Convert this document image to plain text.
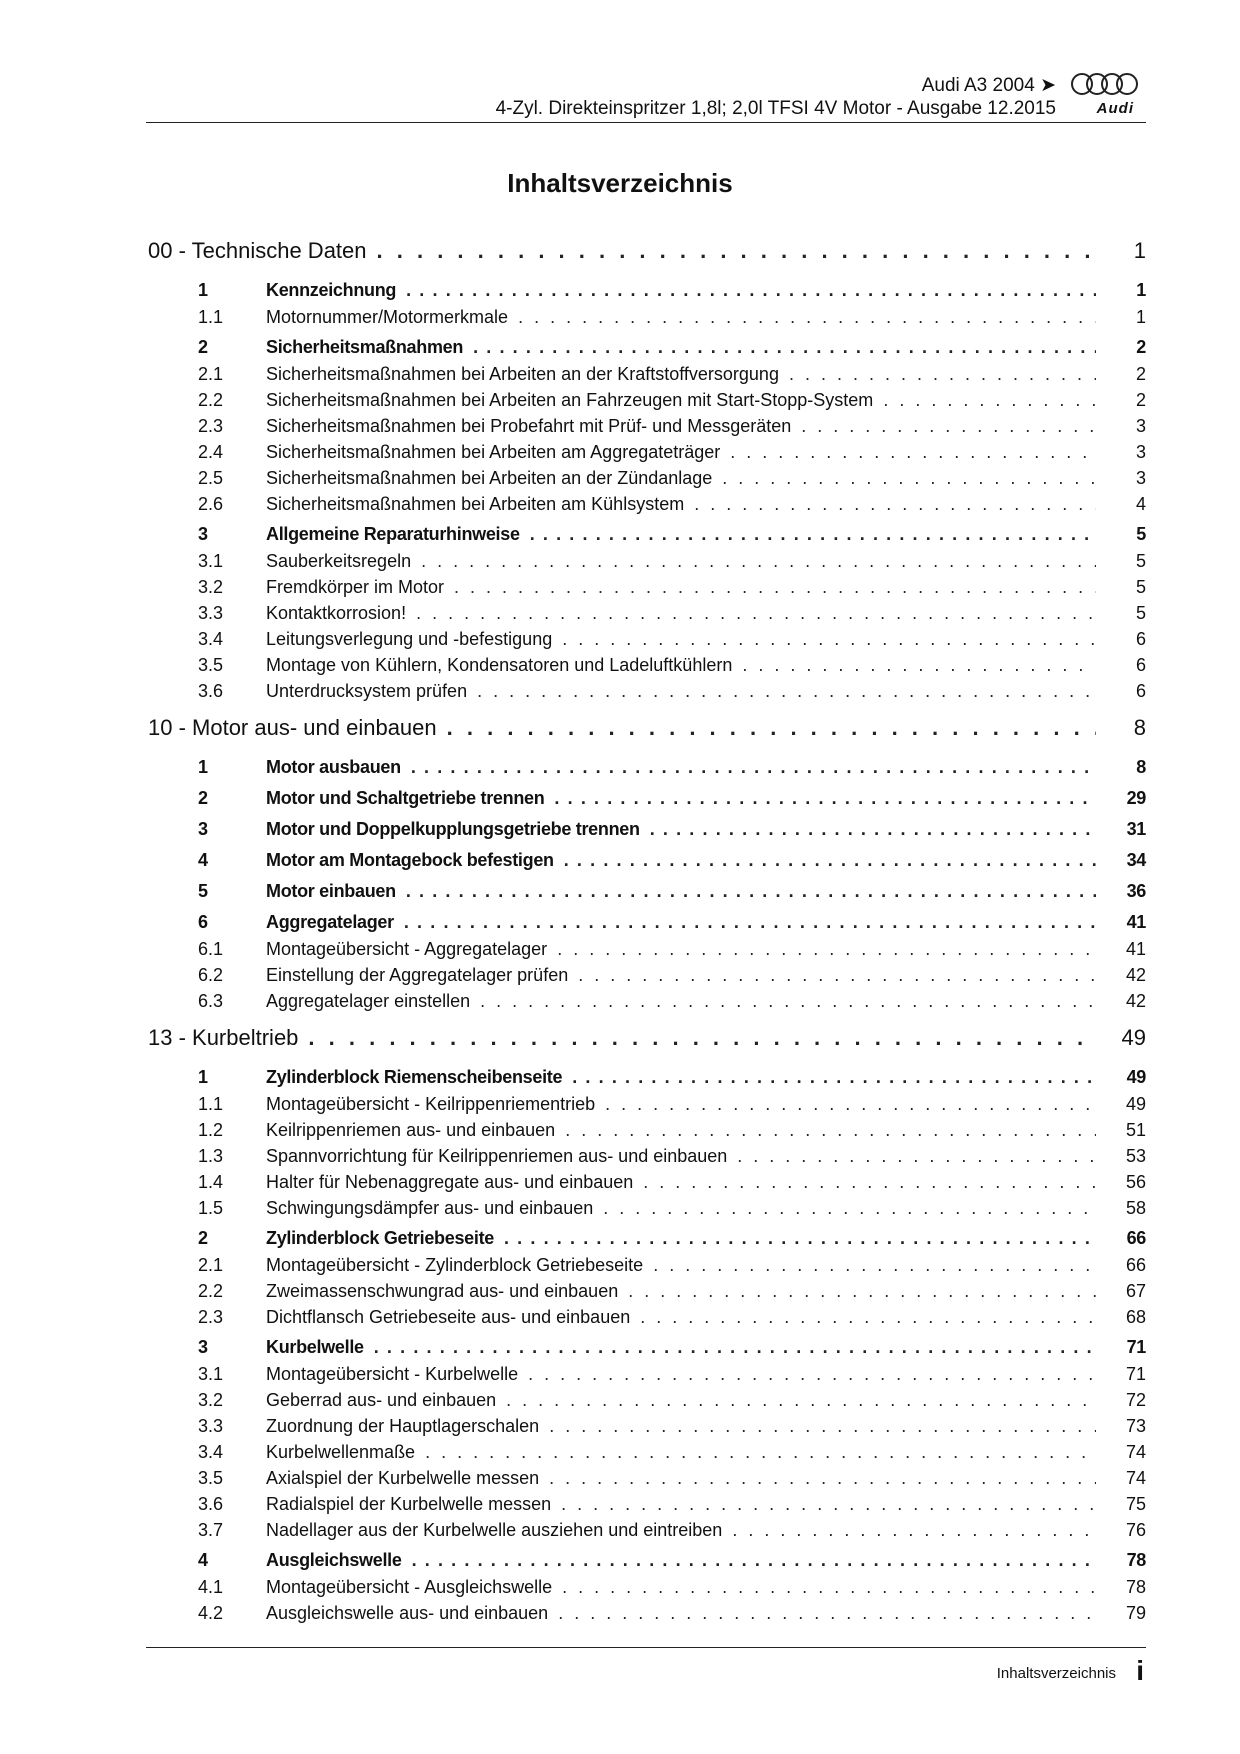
Audi A3 2004 ➤
4-Zyl. Direkteinspritzer 1,8l; 2,0l TFSI 4V Motor - Ausgabe 12.2015	Audi
Inhaltsverzeichnis
00 - Technische Daten . . .	1
1	Kennzeichnung . . .	1
1.1	Motornummer/Motormerkmale . . .	1
2	Sicherheitsmaßnahmen . . .	2
2.1	Sicherheitsmaßnahmen bei Arbeiten an der Kraftstoffversorgung . . .	2
2.2	Sicherheitsmaßnahmen bei Arbeiten an Fahrzeugen mit Start-Stopp-System . . .	2
2.3	Sicherheitsmaßnahmen bei Probefahrt mit Prüf- und Messgeräten . . .	3
2.4	Sicherheitsmaßnahmen bei Arbeiten am Aggregateträger . . .	3
2.5	Sicherheitsmaßnahmen bei Arbeiten an der Zündanlage . . .	3
2.6	Sicherheitsmaßnahmen bei Arbeiten am Kühlsystem . . .	4
3	Allgemeine Reparaturhinweise . . .	5
3.1	Sauberkeitsregeln . . .	5
3.2	Fremdkörper im Motor . . .	5
3.3	Kontaktkorrosion! . . .	5
3.4	Leitungsverlegung und -befestigung . . .	6
3.5	Montage von Kühlern, Kondensatoren und Ladeluftkühlern . . .	6
3.6	Unterdrucksystem prüfen . . .	6
10 - Motor aus- und einbauen . . .	8
1	Motor ausbauen . . .	8
2	Motor und Schaltgetriebe trennen . . .	29
3	Motor und Doppelkupplungsgetriebe trennen . . .	31
4	Motor am Montagebock befestigen . . .	34
5	Motor einbauen . . .	36
6	Aggregatelager . . .	41
6.1	Montageübersicht - Aggregatelager . . .	41
6.2	Einstellung der Aggregatelager prüfen . . .	42
6.3	Aggregatelager einstellen . . .	42
13 - Kurbeltrieb . . .	49
1	Zylinderblock Riemenscheibenseite . . .	49
1.1	Montageübersicht - Keilrippenriementrieb . . .	49
1.2	Keilrippenriemen aus- und einbauen . . .	51
1.3	Spannvorrichtung für Keilrippenriemen aus- und einbauen . . .	53
1.4	Halter für Nebenaggregate aus- und einbauen . . .	56
1.5	Schwingungsdämpfer aus- und einbauen . . .	58
2	Zylinderblock Getriebeseite . . .	66
2.1	Montageübersicht - Zylinderblock Getriebeseite . . .	66
2.2	Zweimassenschwungrad aus- und einbauen . . .	67
2.3	Dichtflansch Getriebeseite aus- und einbauen . . .	68
3	Kurbelwelle . . .	71
3.1	Montageübersicht - Kurbelwelle . . .	71
3.2	Geberrad aus- und einbauen . . .	72
3.3	Zuordnung der Hauptlagerschalen . . .	73
3.4	Kurbelwellenmaße . . .	74
3.5	Axialspiel der Kurbelwelle messen . . .	74
3.6	Radialspiel der Kurbelwelle messen . . .	75
3.7	Nadellager aus der Kurbelwelle ausziehen und eintreiben . . .	76
4	Ausgleichswelle . . .	78
4.1	Montageübersicht - Ausgleichswelle . . .	78
4.2	Ausgleichswelle aus- und einbauen . . .	79
Inhaltsverzeichnis i
